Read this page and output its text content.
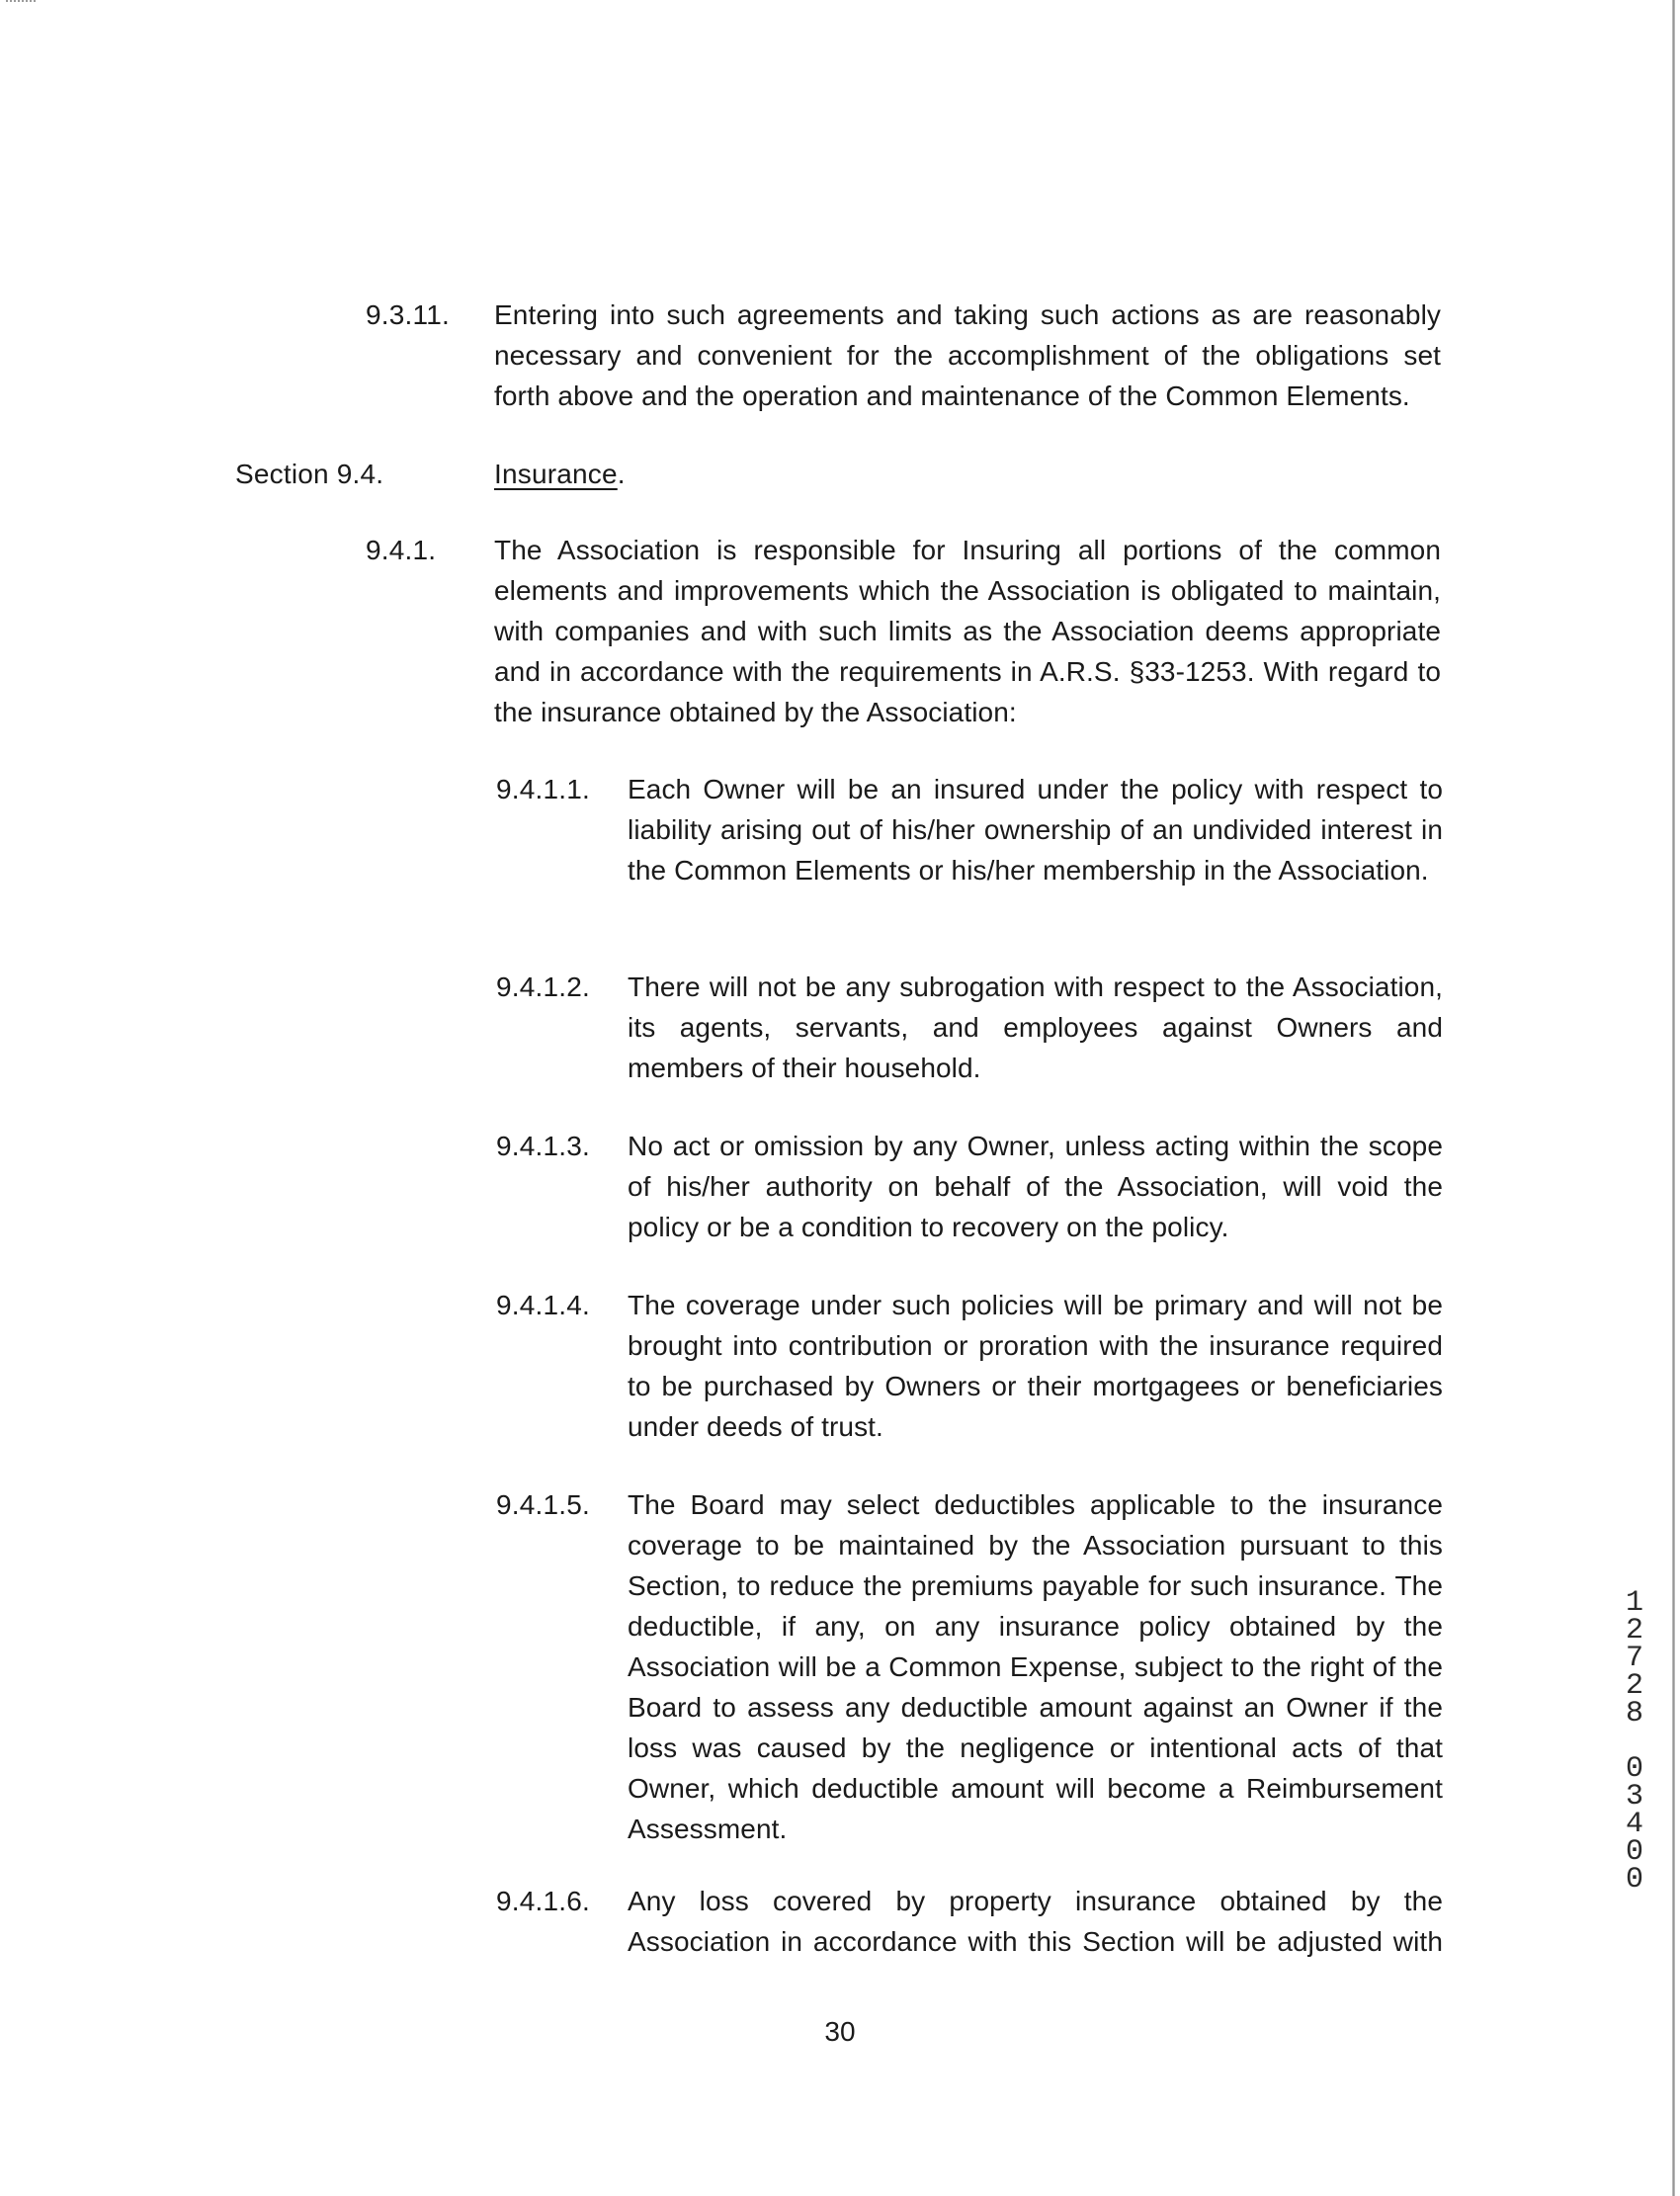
9.3.11. Entering into such agreements and taking such actions as are reasonably necessary and convenient for the accomplishment of the obligations set forth above and the operation and maintenance of the Common Elements.
Section 9.4.	Insurance.
9.4.1. The Association is responsible for Insuring all portions of the common elements and improvements which the Association is obligated to maintain, with companies and with such limits as the Association deems appropriate and in accordance with the requirements in A.R.S. §33-1253. With regard to the insurance obtained by the Association:
9.4.1.1. Each Owner will be an insured under the policy with respect to liability arising out of his/her ownership of an undivided interest in the Common Elements or his/her membership in the Association.
9.4.1.2. There will not be any subrogation with respect to the Association, its agents, servants, and employees against Owners and members of their household.
9.4.1.3. No act or omission by any Owner, unless acting within the scope of his/her authority on behalf of the Association, will void the policy or be a condition to recovery on the policy.
9.4.1.4. The coverage under such policies will be primary and will not be brought into contribution or proration with the insurance required to be purchased by Owners or their mortgagees or beneficiaries under deeds of trust.
9.4.1.5. The Board may select deductibles applicable to the insurance coverage to be maintained by the Association pursuant to this Section, to reduce the premiums payable for such insurance. The deductible, if any, on any insurance policy obtained by the Association will be a Common Expense, subject to the right of the Board to assess any deductible amount against an Owner if the loss was caused by the negligence or intentional acts of that Owner, which deductible amount will become a Reimbursement Assessment.
9.4.1.6. Any loss covered by property insurance obtained by the Association in accordance with this Section will be adjusted with
1
2
7
2
8

0
3
4
0
0
30
